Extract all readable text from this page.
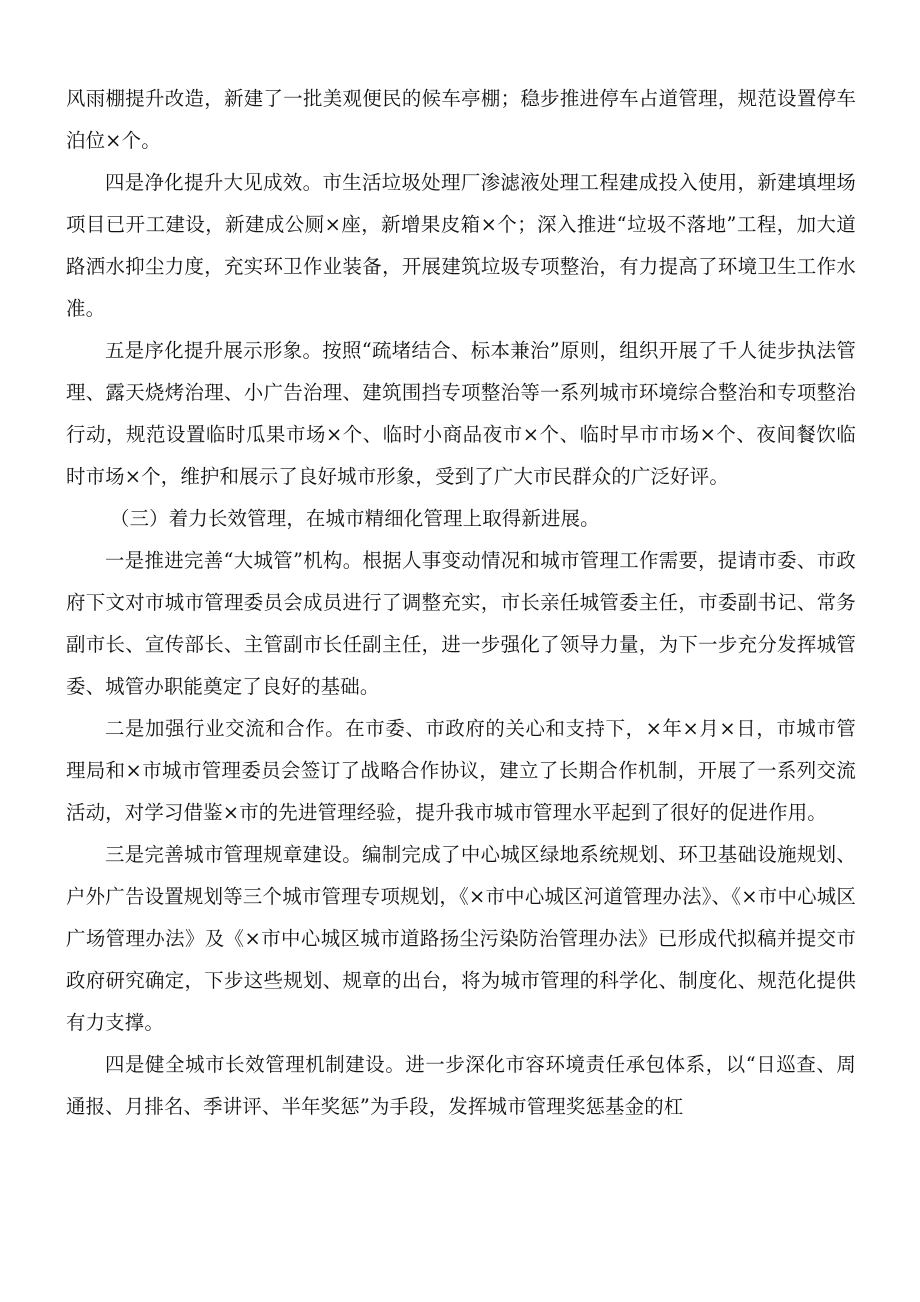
风雨棚提升改造，新建了一批美观便民的候车亭棚；稳步推进停车占道管理，规范设置停车泊位×个。

四是净化提升大见成效。市生活垃圾处理厂渗滤液处理工程建成投入使用，新建填埋场项目已开工建设，新建成公厕×座，新增果皮箱×个；深入推进“垃圾不落地”工程，加大道路洒水抑尘力度，充实环卫作业装备，开展建筑垃圾专项整治，有力提高了环境卫生工作水准。

五是序化提升展示形象。按照“疏堵结合、标本兼治”原则，组织开展了千人徒步执法管理、露天烧烤治理、小广告治理、建筑围挡专项整治等一系列城市环境综合整治和专项整治行动，规范设置临时瓜果市场×个、临时小商品夜市×个、临时早市市场×个、夜间餐饮临时市场×个，维护和展示了良好城市形象，受到了广大市民群众的广泛好评。

（三）着力长效管理，在城市精细化管理上取得新进展。

一是推进完善“大城管”机构。根据人事变动情况和城市管理工作需要，提请市委、市政府下文对市城市管理委员会成员进行了调整充实，市长亲任城管委主任，市委副书记、常务副市长、宣传部长、主管副市长任副主任，进一步强化了领导力量，为下一步充分发挥城管委、城管办职能奠定了良好的基础。

二是加强行业交流和合作。在市委、市政府的关心和支持下，×年×月×日，市城市管理局和×市城市管理委员会签订了战略合作协议，建立了长期合作机制，开展了一系列交流活动，对学习借鉴×市的先进管理经验，提升我市城市管理水平起到了很好的促进作用。

三是完善城市管理规章建设。编制完成了中心城区绿地系统规划、环卫基础设施规划、户外广告设置规划等三个城市管理专项规划，《×市中心城区河道管理办法》、《×市中心城区广场管理办法》及《×市中心城区城市道路扬尘污染防治管理办法》已形成代拟稿并提交市政府研究确定，下步这些规划、规章的出台，将为城市管理的科学化、制度化、规范化提供有力支撑。

四是健全城市长效管理机制建设。进一步深化市容环境责任承包体系，以“日巡查、周通报、月排名、季讲评、半年奖惩”为手段，发挥城市管理奖惩基金的杠
